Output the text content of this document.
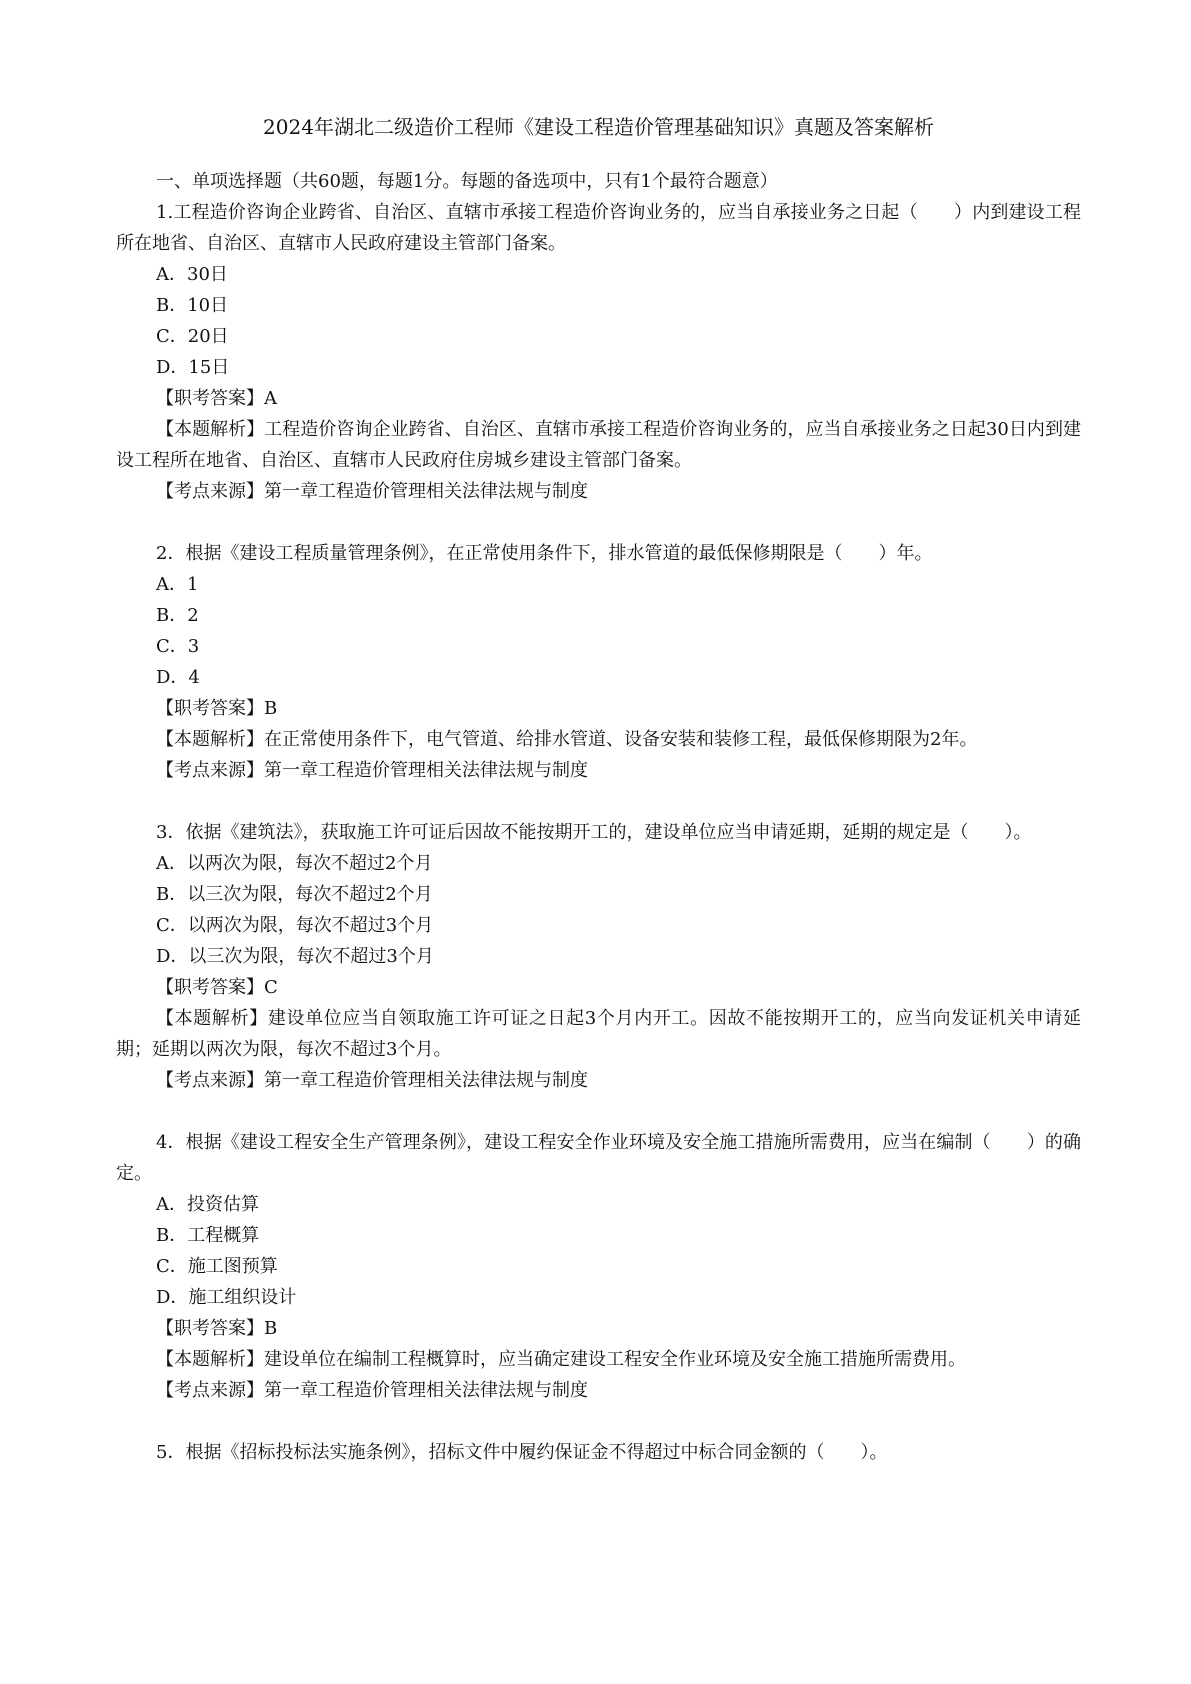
2024年湖北二级造价工程师《建设工程造价管理基础知识》真题及答案解析

一、单项选择题（共60题，每题1分。每题的备选项中，只有1个最符合题意）

1.工程造价咨询企业跨省、自治区、直辖市承接工程造价咨询业务的，应当自承接业务之日起（　　）内到建设工程所在地省、自治区、直辖市人民政府建设主管部门备案。

A．30日

B．10日

C．20日

D．15日

【职考答案】A

【本题解析】工程造价咨询企业跨省、自治区、直辖市承接工程造价咨询业务的，应当自承接业务之日起30日内到建设工程所在地省、自治区、直辖市人民政府住房城乡建设主管部门备案。

【考点来源】第一章工程造价管理相关法律法规与制度

2．根据《建设工程质量管理条例》，在正常使用条件下，排水管道的最低保修期限是（　　）年。

A．1

B．2

C．3

D．4

【职考答案】B

【本题解析】在正常使用条件下，电气管道、给排水管道、设备安装和装修工程，最低保修期限为2年。

【考点来源】第一章工程造价管理相关法律法规与制度

3．依据《建筑法》，获取施工许可证后因故不能按期开工的，建设单位应当申请延期，延期的规定是（　　）。

A．以两次为限，每次不超过2个月

B．以三次为限，每次不超过2个月

C．以两次为限，每次不超过3个月

D．以三次为限，每次不超过3个月

【职考答案】C

【本题解析】建设单位应当自领取施工许可证之日起3个月内开工。因故不能按期开工的，应当向发证机关申请延期；延期以两次为限，每次不超过3个月。

【考点来源】第一章工程造价管理相关法律法规与制度

4．根据《建设工程安全生产管理条例》，建设工程安全作业环境及安全施工措施所需费用，应当在编制（　　）的确定。

A．投资估算

B．工程概算

C．施工图预算

D．施工组织设计

【职考答案】B

【本题解析】建设单位在编制工程概算时，应当确定建设工程安全作业环境及安全施工措施所需费用。

【考点来源】第一章工程造价管理相关法律法规与制度

5．根据《招标投标法实施条例》，招标文件中履约保证金不得超过中标合同金额的（　　）。
